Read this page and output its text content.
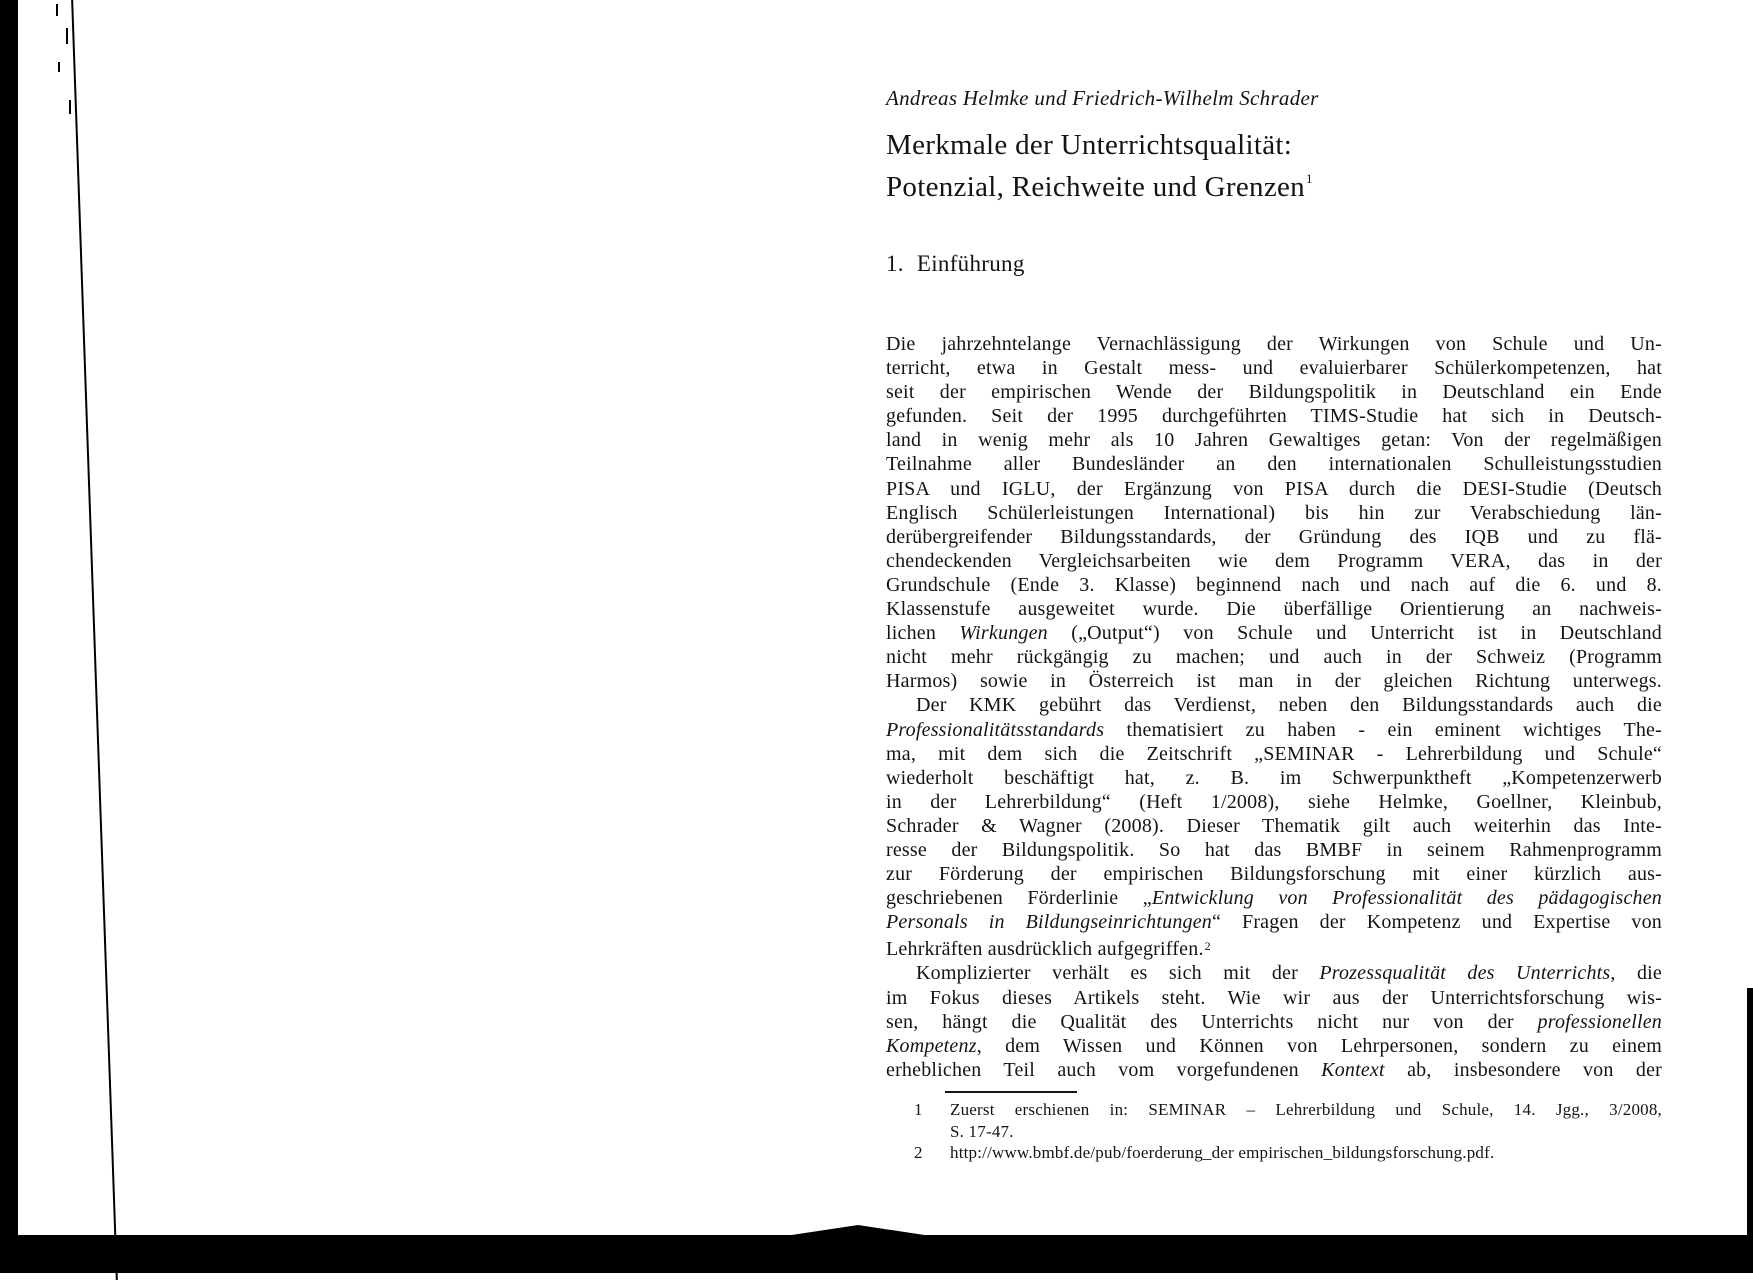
Andreas Helmke und Friedrich-Wilhelm Schrader
Merkmale der Unterrichtsqualität:
Potenzial, Reichweite und Grenzen$^1$
1. Einführung
Die jahrzehntelange Vernachlässigung der Wirkungen von Schule und Un-
terricht, etwa in Gestalt mess- und evaluierbarer Schülerkompetenzen, hat
seit der empirischen Wende der Bildungspolitik in Deutschland ein Ende
gefunden. Seit der 1995 durchgeführten TIMS-Studie hat sich in Deutsch-
land in wenig mehr als 10 Jahren Gewaltiges getan: Von der regelmäßigen
Teilnahme aller Bundesländer an den internationalen Schulleistungsstudien
PISA und IGLU, der Ergänzung von PISA durch die DESI-Studie (Deutsch
Englisch Schülerleistungen International) bis hin zur Verabschiedung län-
derübergreifender Bildungsstandards, der Gründung des IQB und zu flä-
chendeckenden Vergleichsarbeiten wie dem Programm VERA, das in der
Grundschule (Ende 3. Klasse) beginnend nach und nach auf die 6. und 8.
Klassenstufe ausgeweitet wurde. Die überfällige Orientierung an nachweis-
lichen Wirkungen („Output“) von Schule und Unterricht ist in Deutschland
nicht mehr rückgängig zu machen; und auch in der Schweiz (Programm
Harmos) sowie in Österreich ist man in der gleichen Richtung unterwegs.
Der KMK gebührt das Verdienst, neben den Bildungsstandards auch die
Professionalitätsstandards thematisiert zu haben - ein eminent wichtiges The-
ma, mit dem sich die Zeitschrift „SEMINAR - Lehrerbildung und Schule“
wiederholt beschäftigt hat, z. B. im Schwerpunktheft „Kompetenzerwerb
in der Lehrerbildung“ (Heft 1/2008), siehe Helmke, Goellner, Kleinbub,
Schrader & Wagner (2008). Dieser Thematik gilt auch weiterhin das Inte-
resse der Bildungspolitik. So hat das BMBF in seinem Rahmenprogramm
zur Förderung der empirischen Bildungsforschung mit einer kürzlich aus-
geschriebenen Förderlinie „Entwicklung von Professionalität des pädagogischen
Personals in Bildungseinrichtungen“ Fragen der Kompetenz und Expertise von
Lehrkräften ausdrücklich aufgegriffen.$^2$
Komplizierter verhält es sich mit der Prozessqualität des Unterrichts, die
im Fokus dieses Artikels steht. Wie wir aus der Unterrichtsforschung wis-
sen, hängt die Qualität des Unterrichts nicht nur von der professionellen
Kompetenz, dem Wissen und Können von Lehrpersonen, sondern zu einem
erheblichen Teil auch vom vorgefundenen Kontext ab, insbesondere von der
1 Zuerst erschienen in: SEMINAR – Lehrerbildung und Schule, 14. Jgg., 3/2008,
S. 17-47.
2 http://www.bmbf.de/pub/foerderung_der empirischen_bildungsforschung.pdf.
